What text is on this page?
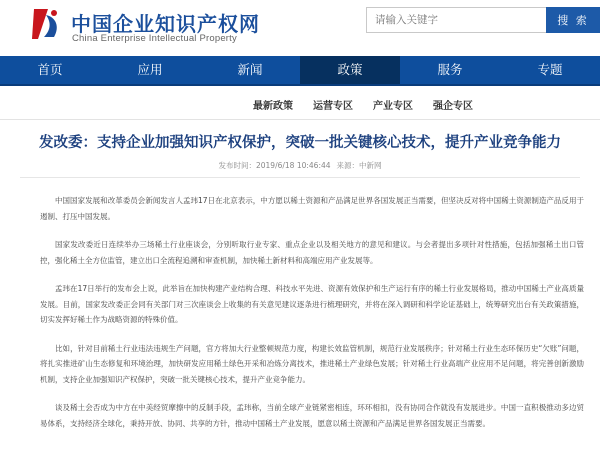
中国企业知识产权网
China Enterprise Intellectual Property
请输入关键字
搜 索
首页	应用	新闻	政策	服务	专题
最新政策 运营专区 产业专区 强企专区
发改委：支持企业加强知识产权保护，突破一批关键核心技术，提升产业竞争能力
发布时间：2019/6/18 10:46:44 来源：中新网

中国国家发展和改革委员会新闻发言人孟玮17日在北京表示，中方愿以稀土资源和产品满足世界各国发展正当需要，但坚决反对将中国稀土资源制造产品反用于遏制、打压中国发展。

国家发改委近日连续举办三场稀土行业座谈会，分别听取行业专家、重点企业以及相关地方的意见和建议。与会者提出多项针对性措施，包括加强稀土出口管控，强化稀土全方位监管，建立出口全流程追溯和审查机制，加快稀土新材料和高端应用产业发展等。

孟玮在17日举行的发布会上说，此举旨在加快构建产业结构合理、科技水平先进、资源有效保护和生产运行有序的稀土行业发展格局，推动中国稀土产业高质量发展。目前，国家发改委正会同有关部门对三次座谈会上收集的有关意见建议逐条进行梳理研究，并将在深入调研和科学论证基础上，统筹研究出台有关政策措施，切实发挥好稀土作为战略资源的特殊价值。

比如，针对目前稀土行业违法违规生产问题，官方将加大行业整顿规范力度，构建长效监管机制，规范行业发展秩序；针对稀土行业生态环保历史“欠账”问题，将扎实推进矿山生态修复和环境治理，加快研发应用稀土绿色开采和冶炼分离技术，推进稀土产业绿色发展；针对稀土行业高端产业应用不足问题，将完善创新激励机制，支持企业加强知识产权保护，突破一批关键核心技术，提升产业竞争能力。

谈及稀土会否成为中方在中美经贸摩擦中的反制手段，孟玮称，当前全球产业链紧密相连，环环相扣，没有协同合作就没有发展进步。中国一直积极推动多边贸易体系，支持经济全球化，秉持开放、协同、共享的方针，推动中国稀土产业发展，愿意以稀土资源和产品满足世界各国发展正当需要。
